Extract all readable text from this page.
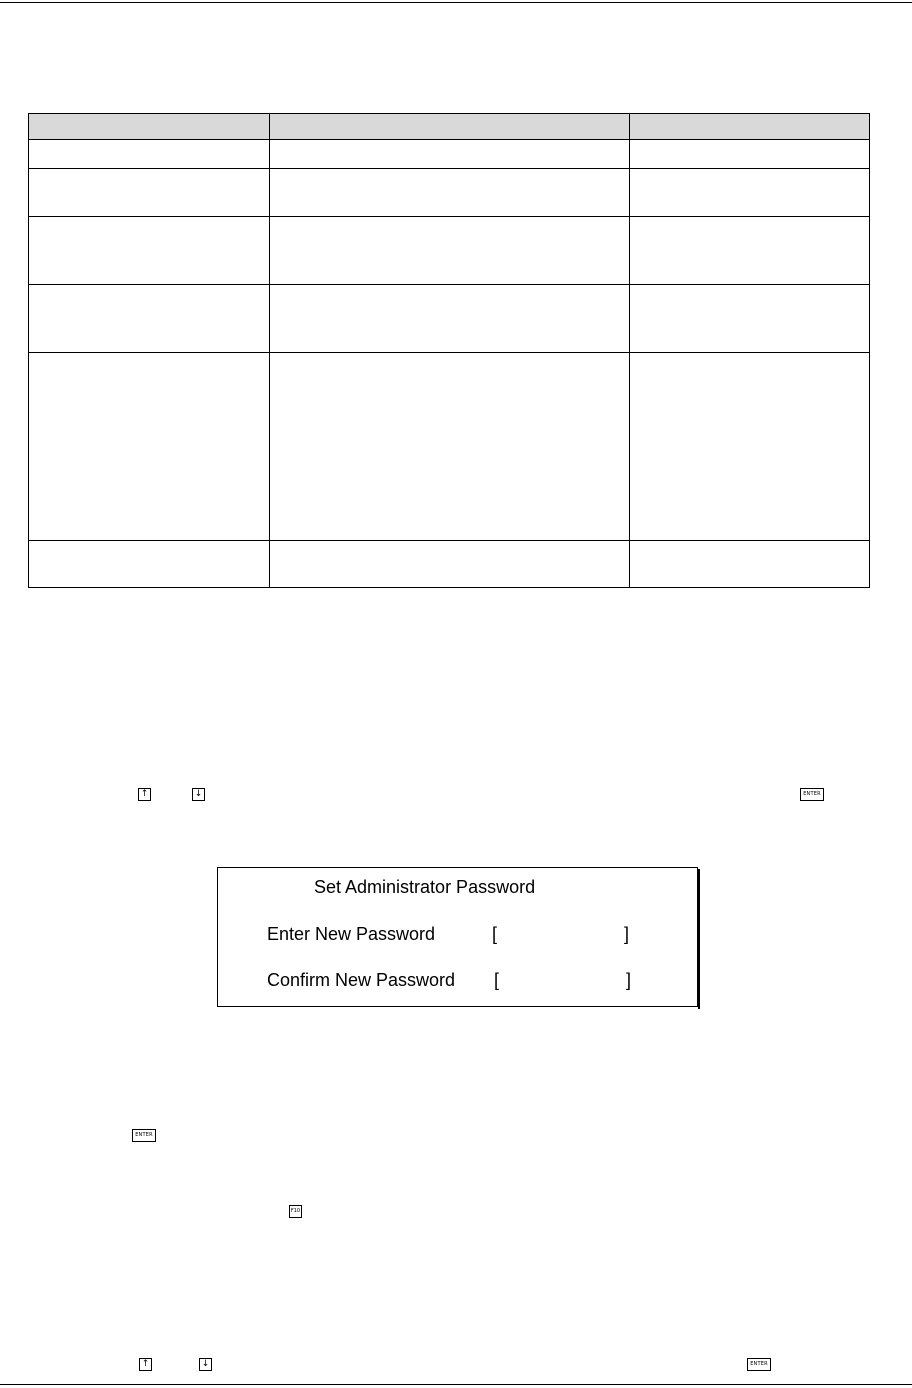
↑	↓	ENTER
Set Administrator Password
Enter New Password	[	]
Confirm New Password [	]
ENTER
F10
↑	↓	ENTER
